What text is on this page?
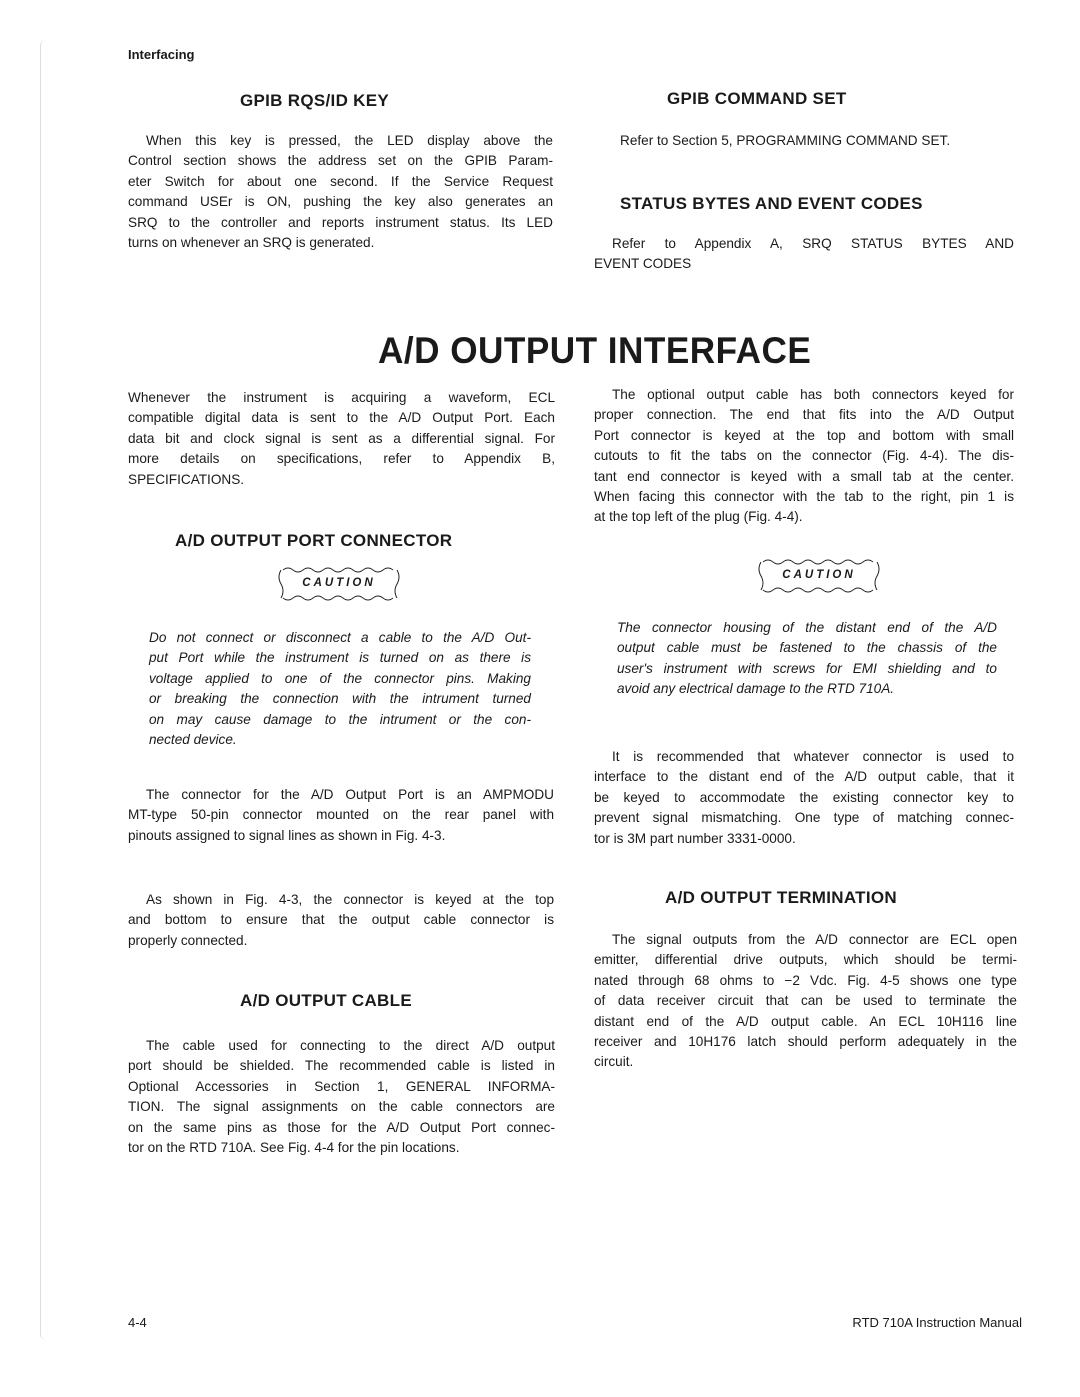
Interfacing
GPIB RQS/ID KEY
When this key is pressed, the LED display above the
Control section shows the address set on the GPIB Param-
eter Switch for about one second. If the Service Request
command USEr is ON, pushing the key also generates an
SRQ to the controller and reports instrument status. Its LED
turns on whenever an SRQ is generated.
GPIB COMMAND SET
Refer to Section 5, PROGRAMMING COMMAND SET.
STATUS BYTES AND EVENT CODES
Refer to Appendix A, SRQ STATUS BYTES AND
EVENT CODES
A/D OUTPUT INTERFACE
Whenever the instrument is acquiring a waveform, ECL
compatible digital data is sent to the A/D Output Port. Each
data bit and clock signal is sent as a differential signal. For
more details on specifications, refer to Appendix B,
SPECIFICATIONS.
The optional output cable has both connectors keyed for
proper connection. The end that fits into the A/D Output
Port connector is keyed at the top and bottom with small
cutouts to fit the tabs on the connector (Fig. 4-4). The dis-
tant end connector is keyed with a small tab at the center.
When facing this connector with the tab to the right, pin 1 is
at the top left of the plug (Fig. 4-4).
A/D OUTPUT PORT CONNECTOR
CAUTION
CAUTION
Do not connect or disconnect a cable to the A/D Out-
put Port while the instrument is turned on as there is
voltage applied to one of the connector pins. Making
or breaking the connection with the intrument turned
on may cause damage to the intrument or the con-
nected device.
The connector housing of the distant end of the A/D
output cable must be fastened to the chassis of the
user's instrument with screws for EMI shielding and to
avoid any electrical damage to the RTD 710A.
The connector for the A/D Output Port is an AMPMODU
MT-type 50-pin connector mounted on the rear panel with
pinouts assigned to signal lines as shown in Fig. 4-3.
It is recommended that whatever connector is used to
interface to the distant end of the A/D output cable, that it
be keyed to accommodate the existing connector key to
prevent signal mismatching. One type of matching connec-
tor is 3M part number 3331-0000.
As shown in Fig. 4-3, the connector is keyed at the top
and bottom to ensure that the output cable connector is
properly connected.
A/D OUTPUT TERMINATION
The signal outputs from the A/D connector are ECL open
emitter, differential drive outputs, which should be termi-
nated through 68 ohms to −2 Vdc. Fig. 4-5 shows one type
of data receiver circuit that can be used to terminate the
distant end of the A/D output cable. An ECL 10H116 line
receiver and 10H176 latch should perform adequately in the
circuit.
A/D OUTPUT CABLE
The cable used for connecting to the direct A/D output
port should be shielded. The recommended cable is listed in
Optional Accessories in Section 1, GENERAL INFORMA-
TION. The signal assignments on the cable connectors are
on the same pins as those for the A/D Output Port connec-
tor on the RTD 710A. See Fig. 4-4 for the pin locations.
4-4	RTD 710A Instruction Manual
